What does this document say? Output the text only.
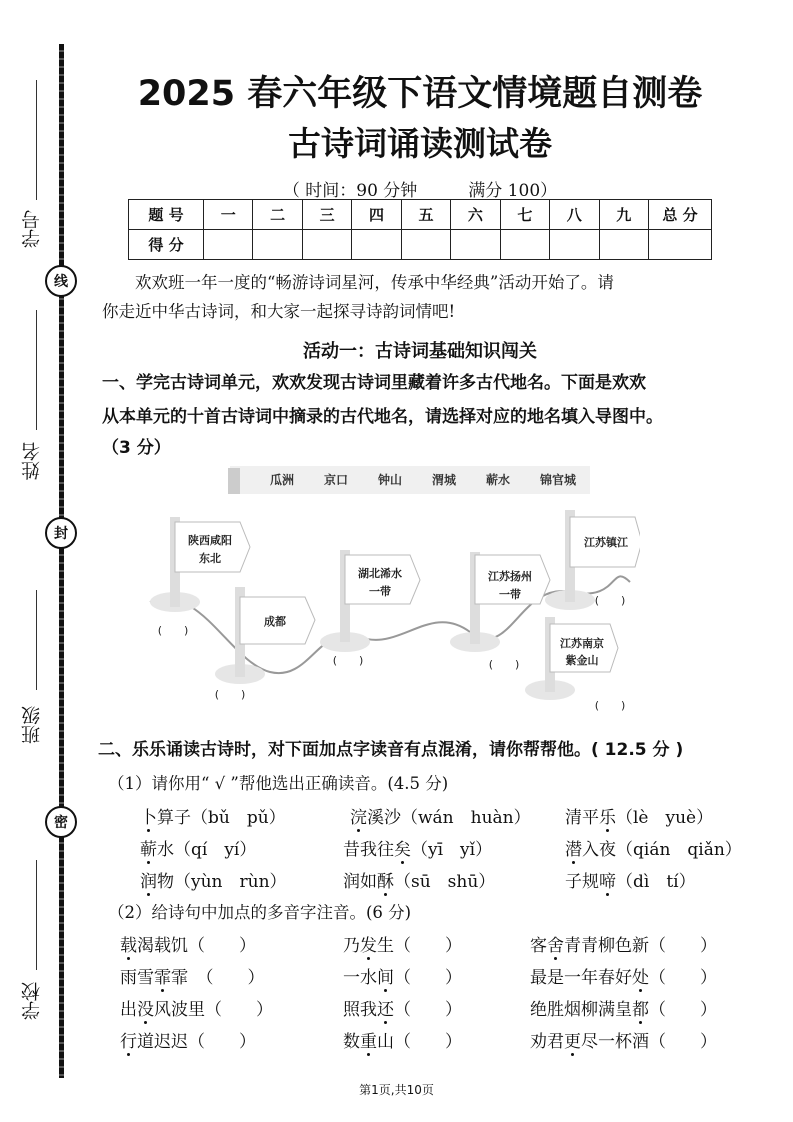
学号
姓名
班级
学校
线
封
密
2025 春六年级下语文情境题自测卷
古诗词诵读测试卷
（ 时间：90 分钟　　　满分 100）
题 号	一	二	三	四	五	六	七	八	九	总 分
得 分										
　　欢欢班一年一度的“畅游诗词星河，传承中华经典”活动开始了。请
你走近中华古诗词，和大家一起探寻诗韵词情吧!
活动一：古诗词基础知识闯关
一、学完古诗词单元，欢欢发现古诗词里藏着许多古代地名。下面是欢欢
从本单元的十首古诗词中摘录的古代地名，请选择对应的地名填入导图中。
（3 分）
瓜洲 京口 钟山 渭城 蕲水 锦官城
陕西咸阳
东北
成都
湖北浠水
一带
江苏扬州
一带
江苏镇江
江苏南京
紫金山
(　　)
(　　)
(　　)	(　　)
(　　)
(　　)
二、乐乐诵读古诗时，对下面加点字读音有点混淆，请你帮帮他。( 12.5 分 )
（1）请你用“ √ ”帮他选出正确读音。(4.5 分)
卜算子（bǔ　pǔ）	浣溪沙（wán　huàn） 清平乐（lè　yuè）
蕲水（qí　yí）	昔我往矣（yī　yǐ）	潜入夜（qián　qiǎn）
润物（yùn　rùn）	润如酥（sū　shū）	子规啼（dì　tí）
（2）给诗句中加点的多音字注音。(6 分)
载渴载饥（　　）	乃发生（　　）	客舍青青柳色新（　　）
雨雪霏霏　（　　）	一水间（　　）	最是一年春好处（　　）
出没风波里（　　）	照我还（　　）	绝胜烟柳满皇都（　　）
行道迟迟（　　）	数重山（　　）	劝君更尽一杯酒（　　）
第1页,共10页
